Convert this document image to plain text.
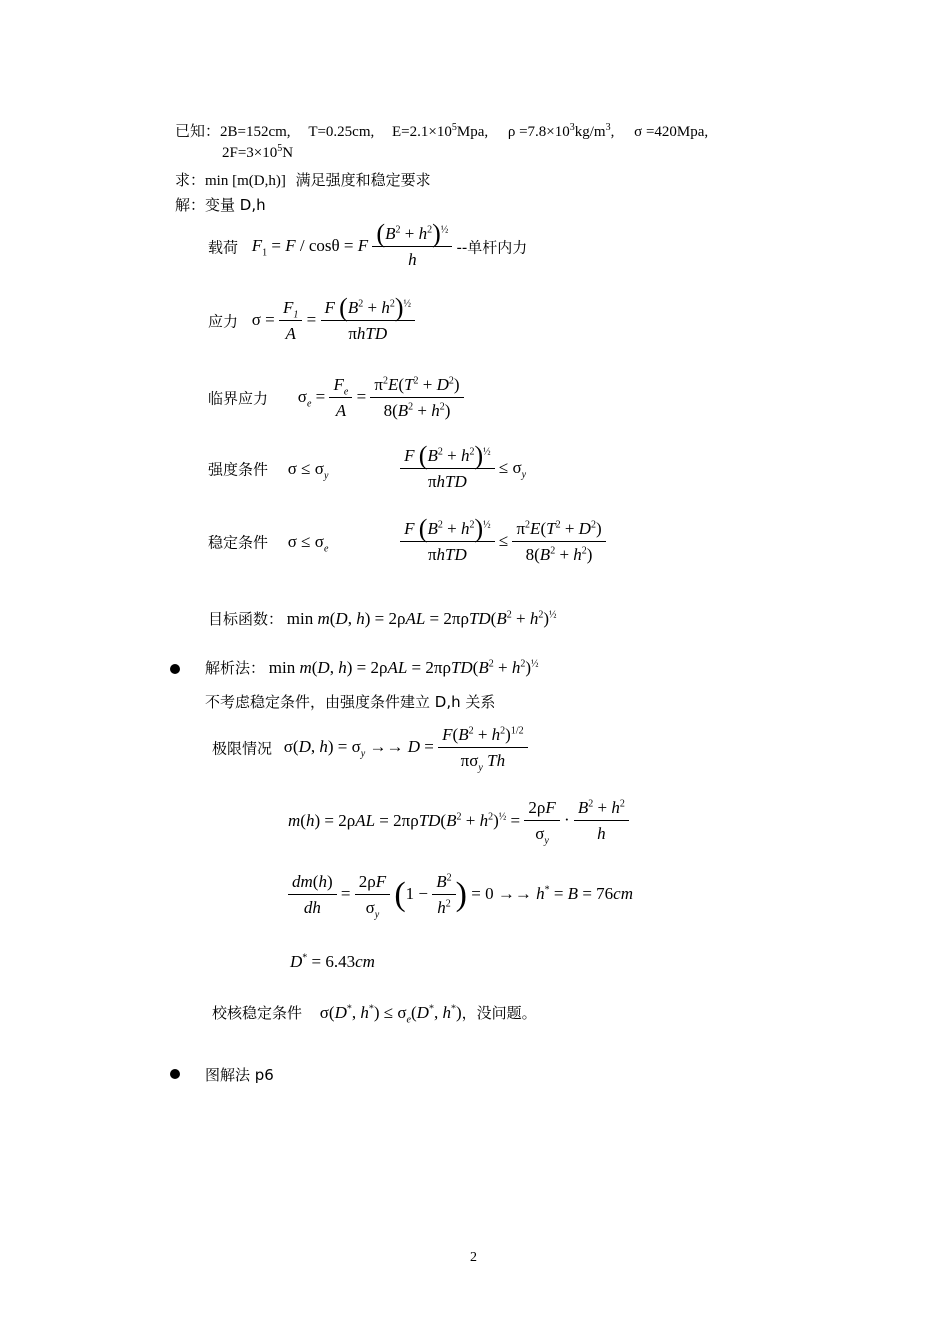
已知：2B=152cm, T=0.25cm, $E=2.1\times 10^5Mpa$, $\rho =7.8\times 10^3kg/m^3$, σ =420Mpa,
$2F=3\times 10^5N$
求：min [m(D,h)] 满足强度和稳定要求
解：变量 D,h
载荷 $F_1 = F / \cos\theta = F \frac{(B^2 + h^2)^{\frac{1}{2}}}{h}$ --单杆内力
应力 $\sigma = \frac{F_1}{A} = \frac{F (B^2 + h^2)^{\frac{1}{2}}}{\text{πhTD}}$
临界应力 $\sigma_e = \frac{F_e}{A} = \frac{\pi^2E(T^2 + D^2)}{8(B^2 + h^2)}$
强度条件 $\sigma \le \sigma_y$	$\frac{F (B^2 + h^2)^{\frac{1}{2}}}{\text{πhTD}} \le \sigma_y$
稳定条件 $\sigma \le \sigma_e$	$\frac{F (B^2 + h^2)^{\frac{1}{2}}}{\text{πhTD}} \le \frac{\pi^2E(T^2 + D^2)}{8(B^2 + h^2)}$
目标函数： min m(D, $h) = 2\rho AL = 2\pi\rho TD(B^2 + h^2)^{\frac{1}{2}}$
解析法： min m(D, $h) = 2\rho AL = 2\pi\rho TD(B^2 + h^2)^{\frac{1}{2}}$
不考虑稳定条件，由强度条件建立 D,h 关系
极限情况 σ(D, $h) = \sigma_y \to\to D = \frac{F(B^2 + h^2)^{1/2}}{\pi\sigma_y Th}$
$m(h) = 2\rho AL = 2\pi\rho TD(B^2 + h^2)^{\frac{1}{2}} = \frac{2\rho F}{\sigma_y} \cdot \frac{B^2 + h^2}{h}$
$\frac{dm(h)}{dh} = \frac{2\rho F}{\sigma_y} (1 - \frac{B^2}{h^2}$ ) = 0 →→ h* = B = 76cm
D* = 6.43cm
校核稳定条件 σ(D*, $h^*) \le \sigma_e(D^*$, h*)，没问题。
图解法 p6
2
